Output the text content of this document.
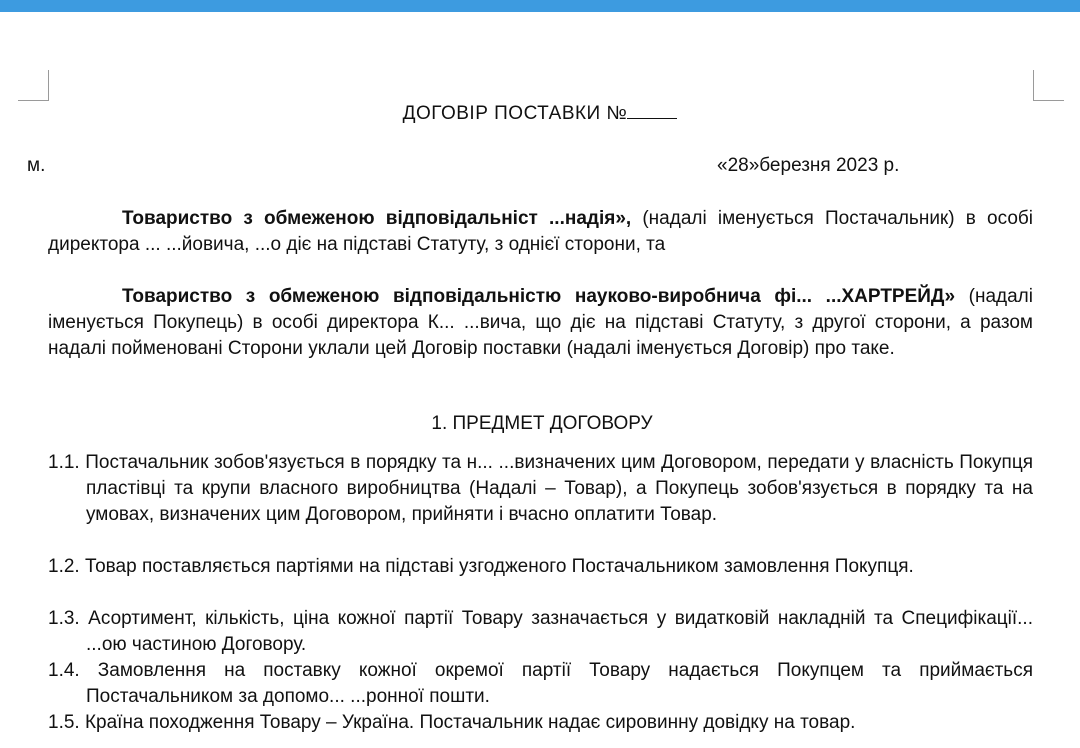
ДОГОВІР ПОСТАВКИ №
м.	«28»березня 2023 р.
Товариство з обмеженою відповідальніст ...надія», (надалі іменується Постачальник) в особі директора ... ...йовича, ...о діє на підставі Статуту, з однієї сторони, та
Товариство з обмеженою відповідальністю науково-виробнича фі... ...ХАРТРЕЙД» (надалі іменується Покупець) в особі директора К... ...вича, що діє на підставі Статуту, з другої сторони, а разом надалі пойменовані Сторони уклали цей Договір поставки (надалі іменується Договір) про таке.
1. ПРЕДМЕТ ДОГОВОРУ
1.1. Постачальник зобов'язується в порядку та н... ...визначених цим Договором, передати у власність Покупця пластівці та крупи власного виробництва (Надалі – Товар), а Покупець зобов'язується в порядку та на умовах, визначених цим Договором, прийняти і вчасно оплатити Товар.
1.2. Товар поставляється партіями на підставі узгодженого Постачальником замовлення Покупця.
1.3. Асортимент, кількість, ціна кожної партії Товару зазначається у видатковій накладній та Специфікації... ...ою частиною Договору.
1.4. Замовлення на поставку кожної окремої партії Товару надається Покупцем та приймається Постачальником за допомо... ...ронної пошти.
1.5. Країна походження Товару – Україна. Постачальник надає сировинну довідку на товар.
